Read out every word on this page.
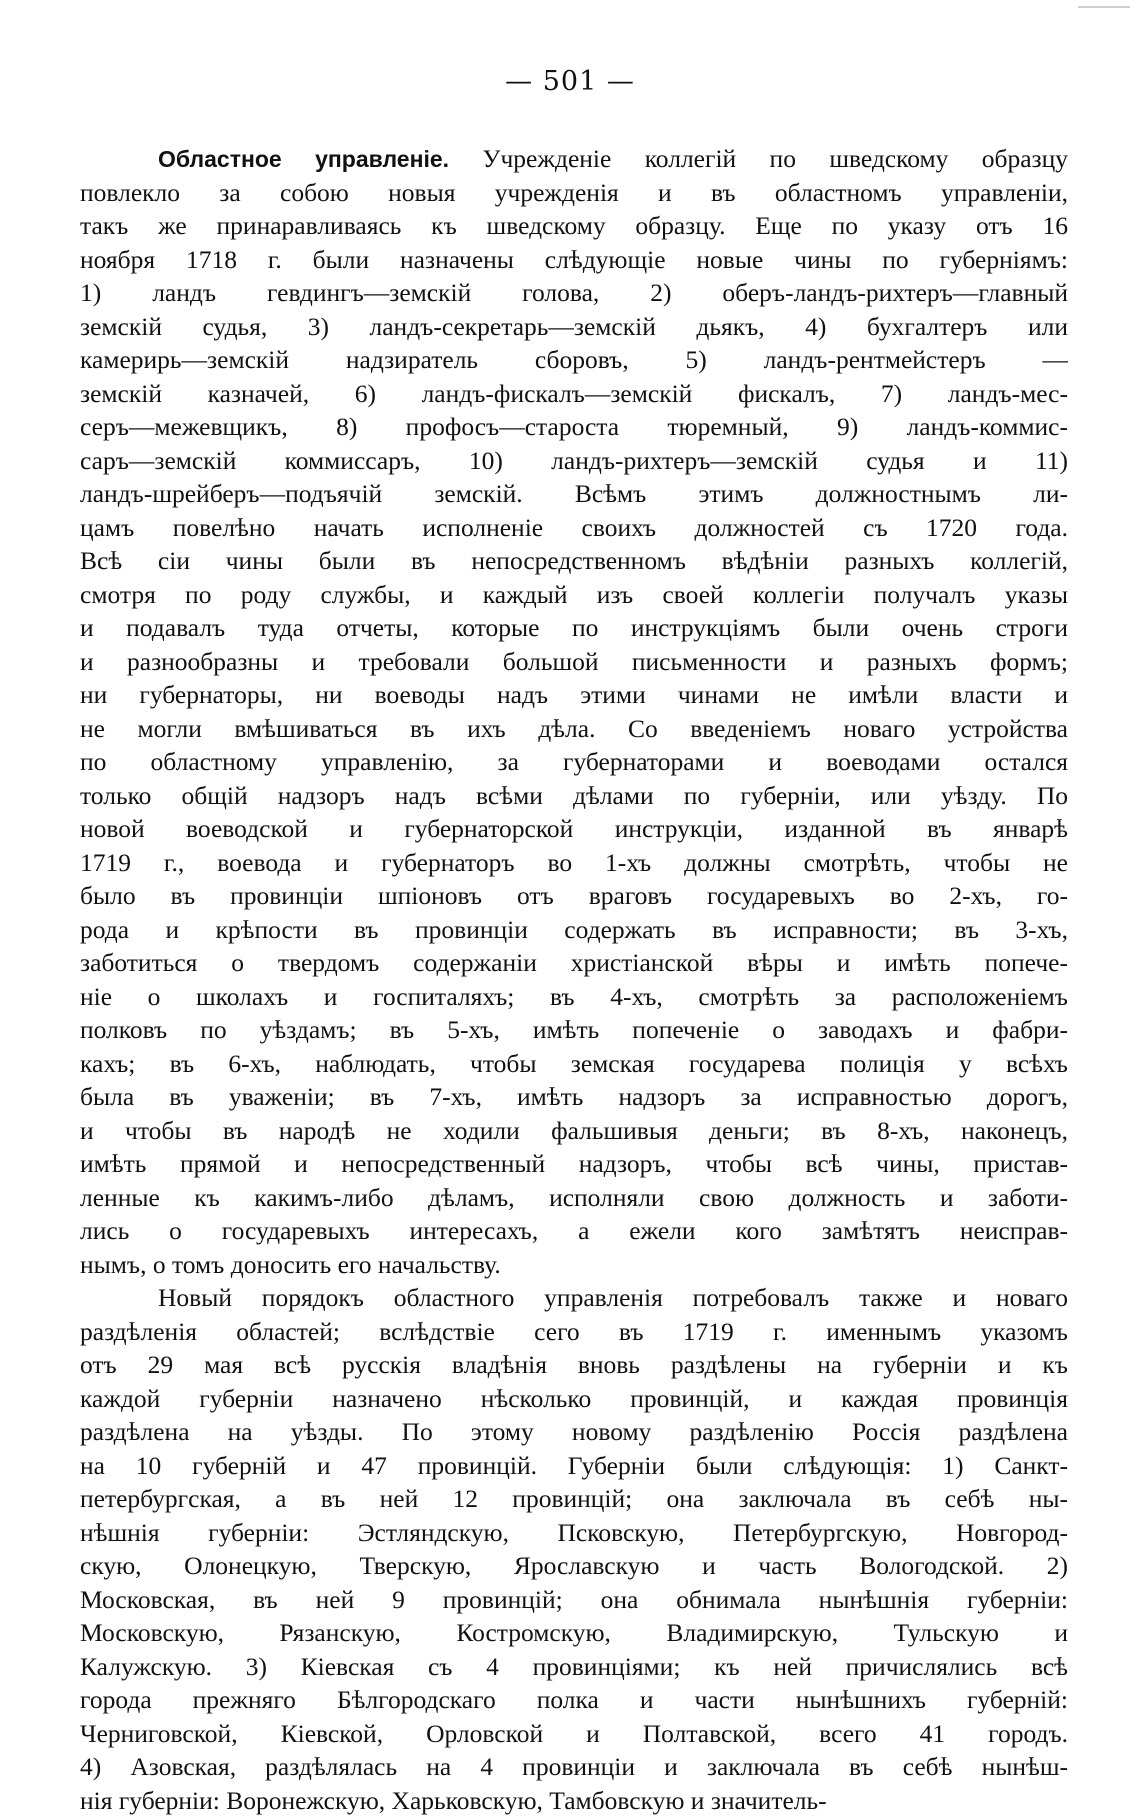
— 501 —
Областное управленіе. Учрежденіе коллегій по шведскому образцу
повлекло за собою новыя учрежденія и въ областномъ управленіи,
такъ же принаравливаясь къ шведскому образцу. Еще по указу отъ 16
ноября 1718 г. были назначены слѣдующіе новые чины по губерніямъ:
1) ландъ гевдингъ—земскій голова, 2) оберъ-ландъ-рихтеръ—главный
земскій судья, 3) ландъ-секретарь—земскій дьякъ, 4) бухгалтеръ или
камерирь—земскій надзиратель сборовъ, 5) ландъ-рентмейстеръ —
земскій казначей, 6) ландъ-фискалъ—земскій фискалъ, 7) ландъ-мес-
серъ—межевщикъ, 8) профосъ—староста тюремный, 9) ландъ-коммис-
саръ—земскій коммиссаръ, 10) ландъ-рихтеръ—земскій судья и 11)
ландъ-шрейберъ—подъячій земскій. Всѣмъ этимъ должностнымъ ли-
цамъ повелѣно начать исполненіе своихъ должностей съ 1720 года.
Всѣ сіи чины были въ непосредственномъ вѣдѣніи разныхъ коллегій,
смотря по роду службы, и каждый изъ своей коллегіи получалъ указы
и подавалъ туда отчеты, которые по инструкціямъ были очень строги
и разнообразны и требовали большой письменности и разныхъ формъ;
ни губернаторы, ни воеводы надъ этими чинами не имѣли власти и
не могли вмѣшиваться въ ихъ дѣла. Со введеніемъ новаго устройства
по областному управленію, за губернаторами и воеводами остался
только общій надзоръ надъ всѣми дѣлами по губерніи, или уѣзду. По
новой воеводской и губернаторской инструкціи, изданной въ январѣ
1719 г., воевода и губернаторъ во 1-хъ должны смотрѣть, чтобы не
было въ провинціи шпіоновъ отъ враговъ государевыхъ во 2-хъ, го-
рода и крѣпости въ провинціи содержать въ исправности; въ 3-хъ,
заботиться о твердомъ содержаніи христіанской вѣры и имѣть попече-
ніе о школахъ и госпиталяхъ; въ 4-хъ, смотрѣть за расположеніемъ
полковъ по уѣздамъ; въ 5-хъ, имѣть попеченіе о заводахъ и фабри-
кахъ; въ 6-хъ, наблюдать, чтобы земская государева полиція у всѣхъ
была въ уваженіи; въ 7-хъ, имѣть надзоръ за исправностью дорогъ,
и чтобы въ народѣ не ходили фальшивыя деньги; въ 8-хъ, наконецъ,
имѣть прямой и непосредственный надзоръ, чтобы всѣ чины, пристав-
ленные къ какимъ-либо дѣламъ, исполняли свою должность и заботи-
лись о государевыхъ интересахъ, а ежели кого замѣтятъ неисправ-
нымъ, о томъ доносить его начальству.
Новый порядокъ областного управленія потребовалъ также и новаго
раздѣленія областей; вслѣдствіе сего въ 1719 г. именнымъ указомъ
отъ 29 мая всѣ русскія владѣнія вновь раздѣлены на губерніи и къ
каждой губерніи назначено нѣсколько провинцій, и каждая провинція
раздѣлена на уѣзды. По этому новому раздѣленію Россія раздѣлена
на 10 губерній и 47 провинцій. Губерніи были слѣдующія: 1) Санкт-
петербургская, а въ ней 12 провинцій; она заключала въ себѣ ны-
нѣшнія губерніи: Эстляндскую, Псковскую, Петербургскую, Новгород-
скую, Олонецкую, Тверскую, Ярославскую и часть Вологодской. 2)
Московская, въ ней 9 провинцій; она обнимала нынѣшнія губерніи:
Московскую, Рязанскую, Костромскую, Владимирскую, Тульскую и
Калужскую. 3) Кіевская съ 4 провинціями; къ ней причислялись всѣ
города прежняго Бѣлгородскаго полка и части нынѣшнихъ губерній:
Черниговской, Кіевской, Орловской и Полтавской, всего 41 городъ.
4) Азовская, раздѣлялась на 4 провинціи и заключала въ себѣ нынѣш-
нія губерніи: Воронежскую, Харьковскую, Тамбовскую и значитель-
